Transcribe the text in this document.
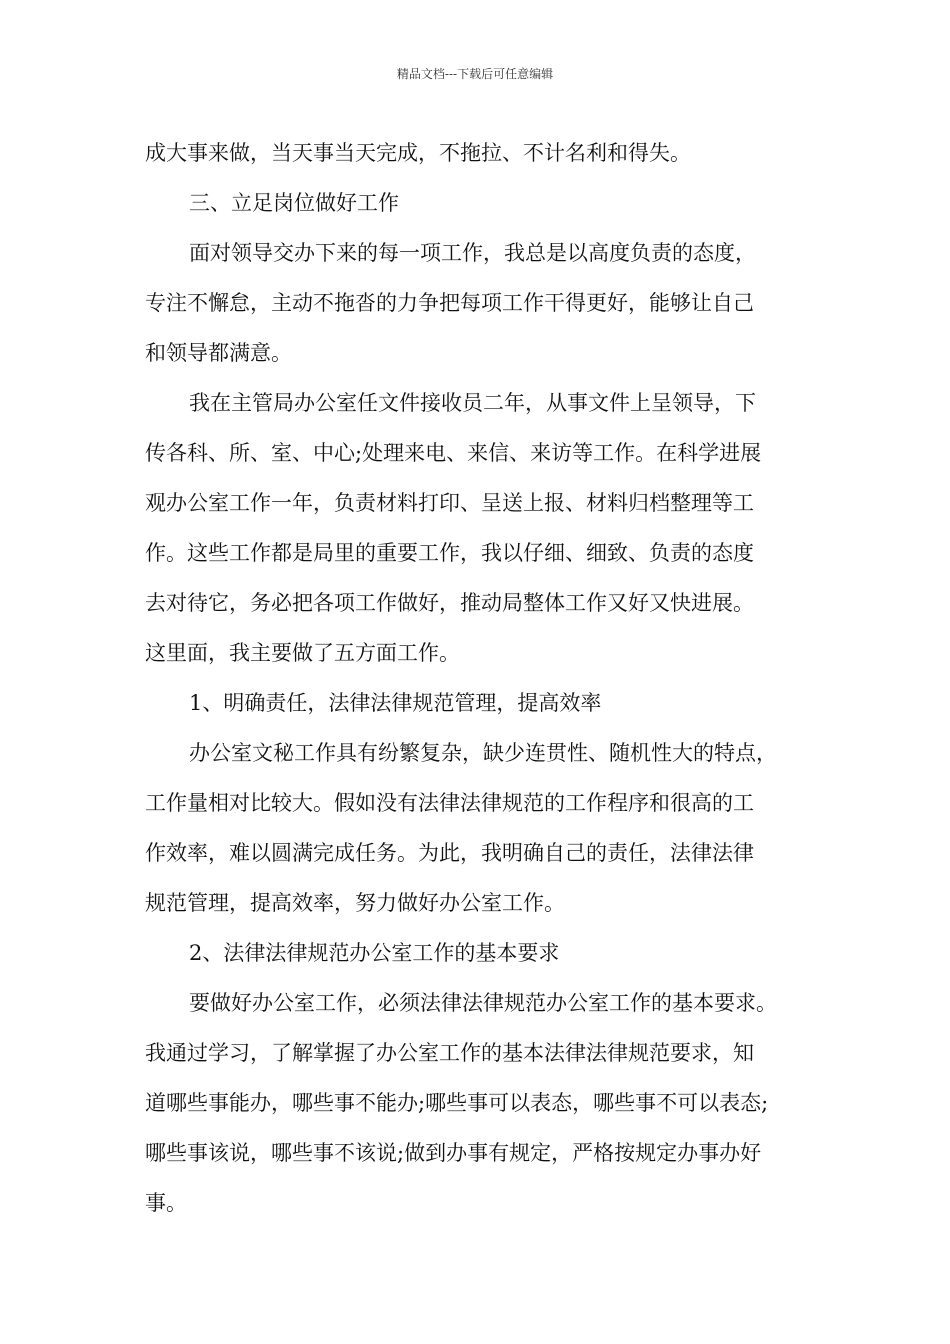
精品文档---下载后可任意编辑
成大事来做，当天事当天完成，不拖拉、不计名利和得失。
三、立足岗位做好工作
面对领导交办下来的每一项工作，我总是以高度负责的态度，
专注不懈怠，主动不拖沓的力争把每项工作干得更好，能够让自己
和领导都满意。
我在主管局办公室任文件接收员二年，从事文件上呈领导，下
传各科、所、室、中心;处理来电、来信、来访等工作。在科学进展
观办公室工作一年，负责材料打印、呈送上报、材料归档整理等工
作。这些工作都是局里的重要工作，我以仔细、细致、负责的态度
去对待它，务必把各项工作做好，推动局整体工作又好又快进展。
这里面，我主要做了五方面工作。
1、明确责任，法律法律规范管理，提高效率
办公室文秘工作具有纷繁复杂，缺少连贯性、随机性大的特点，
工作量相对比较大。假如没有法律法律规范的工作程序和很高的工
作效率，难以圆满完成任务。为此，我明确自己的责任，法律法律
规范管理，提高效率，努力做好办公室工作。
2、法律法律规范办公室工作的基本要求
要做好办公室工作，必须法律法律规范办公室工作的基本要求。
我通过学习，了解掌握了办公室工作的基本法律法律规范要求，知
道哪些事能办，哪些事不能办;哪些事可以表态，哪些事不可以表态;
哪些事该说，哪些事不该说;做到办事有规定，严格按规定办事办好
事。
